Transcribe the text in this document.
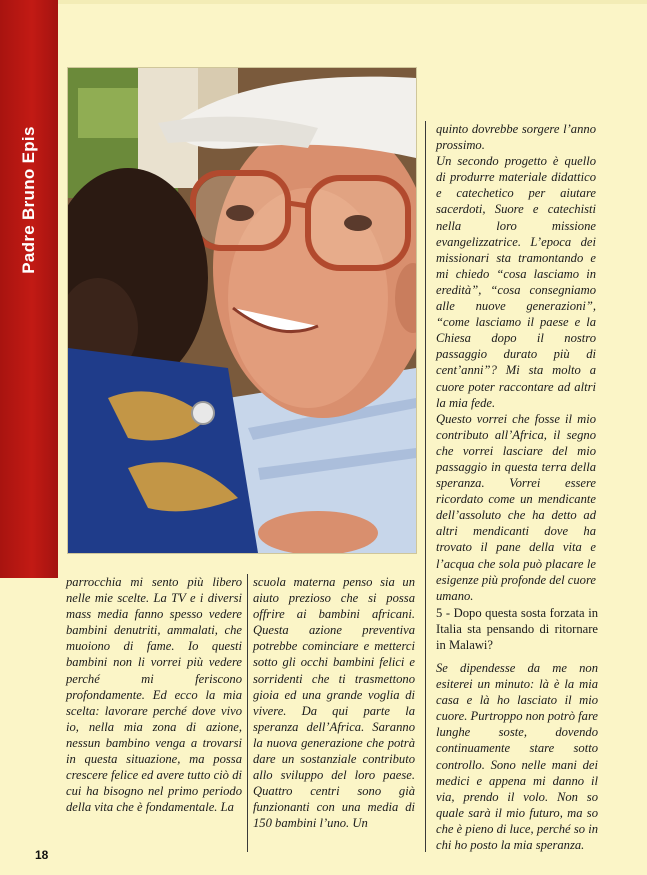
Padre Bruno Epis
18

parrocchia mi sento più libero nelle mie scelte. La TV e i diversi mass media fanno spesso vedere bambini denutriti, ammalati, che muoiono di fame. Io questi bambini non li vorrei più vedere perché mi feriscono profondamente. Ed ecco la mia scelta: lavorare perché dove vivo io, nella mia zona di azione, nessun bambino venga a trovarsi in questa situazione, ma possa crescere felice ed avere tutto ciò di cui ha bisogno nel primo periodo della vita che è fondamentale. La

scuola materna penso sia un aiuto prezioso che si possa offrire ai bambini africani. Questa azione preventiva potrebbe cominciare e metterci sotto gli occhi bambini felici e sorridenti che ti trasmettono gioia ed una grande voglia di vivere. Da qui parte la speranza dell’Africa. Saranno la nuova generazione che potrà dare un sostanziale contributo allo sviluppo del loro paese. Quattro centri sono già funzionanti con una media di 150 bambini l’uno. Un

quinto dovrebbe sorgere l’anno prossimo.

Un secondo progetto è quello di produrre materiale didattico e catechetico per aiutare sacerdoti, Suore e catechisti nella loro missione evangelizzatrice. L’epoca dei missionari sta tramontando e mi chiedo “cosa lasciamo in eredità”, “cosa consegniamo alle nuove generazioni”, “come lasciamo il paese e la Chiesa dopo il nostro passaggio durato più di cent’anni”? Mi sta molto a cuore poter raccontare ad altri la mia fede.

Questo vorrei che fosse il mio contributo all’Africa, il segno che vorrei lasciare del mio passaggio in questa terra della speranza. Vorrei essere ricordato come un mendicante dell’assoluto che ha detto ad altri mendicanti dove ha trovato il pane della vita e l’acqua che sola può placare le esigenze più profonde del cuore umano.

5 - Dopo questa sosta forzata in Italia sta pensando di ritornare in Malawi?

Se dipendesse da me non esiterei un minuto: là è la mia casa e là ho lasciato il mio cuore. Purtroppo non potrò fare lunghe soste, dovendo continuamente stare sotto controllo. Sono nelle mani dei medici e appena mi danno il via, prendo il volo. Non so quale sarà il mio futuro, ma so che è pieno di luce, perché so in chi ho posto la mia speranza.
